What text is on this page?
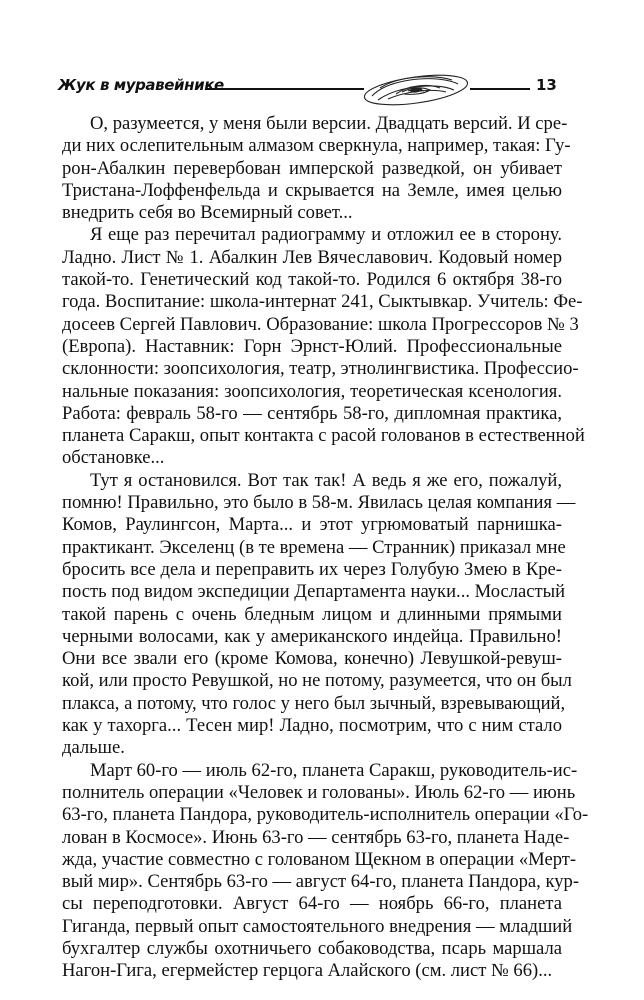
Жук в муравейнике	13
О, разумеется, у меня были версии. Двадцать версий. И сре-
ди них ослепительным алмазом сверкнула, например, такая: Гу-
рон-Абалкин перевербован имперской разведкой, он убивает
Тристана-Лоффенфельда и скрывается на Земле, имея целью
внедрить себя во Всемирный совет...
Я еще раз перечитал радиограмму и отложил ее в сторону.
Ладно. Лист № 1. Абалкин Лев Вячеславович. Кодовый номер
такой-то. Генетический код такой-то. Родился 6 октября 38-го
года. Воспитание: школа-интернат 241, Сыктывкар. Учитель: Фе-
досеев Сергей Павлович. Образование: школа Прогрессоров № 3
(Европа). Наставник: Горн Эрнст-Юлий. Профессиональные
склонности: зоопсихология, театр, этнолингвистика. Профессио-
нальные показания: зоопсихология, теоретическая ксенология.
Работа: февраль 58-го — сентябрь 58-го, дипломная практика,
планета Саракш, опыт контакта с расой голованов в естественной
обстановке...
Тут я остановился. Вот так так! А ведь я же его, пожалуй,
помню! Правильно, это было в 58-м. Явилась целая компания —
Комов, Раулингсон, Марта... и этот угрюмоватый парнишка-
практикант. Экселенц (в те времена — Странник) приказал мне
бросить все дела и переправить их через Голубую Змею в Кре-
пость под видом экспедиции Департамента науки... Мосластый
такой парень с очень бледным лицом и длинными прямыми
черными волосами, как у американского индейца. Правильно!
Они все звали его (кроме Комова, конечно) Левушкой-ревуш-
кой, или просто Ревушкой, но не потому, разумеется, что он был
плакса, а потому, что голос у него был зычный, взревывающий,
как у тахорга... Тесен мир! Ладно, посмотрим, что с ним стало
дальше.
Март 60-го — июль 62-го, планета Саракш, руководитель-ис-
полнитель операции «Человек и голованы». Июль 62-го — июнь
63-го, планета Пандора, руководитель-исполнитель операции «Го-
лован в Космосе». Июнь 63-го — сентябрь 63-го, планета Наде-
жда, участие совместно с голованом Щекном в операции «Мерт-
вый мир». Сентябрь 63-го — август 64-го, планета Пандора, кур-
сы переподготовки. Август 64-го — ноябрь 66-го, планета
Гиганда, первый опыт самостоятельного внедрения — младший
бухгалтер службы охотничьего собаководства, псарь маршала
Нагон-Гига, егермейстер герцога Алайского (см. лист № 66)...
